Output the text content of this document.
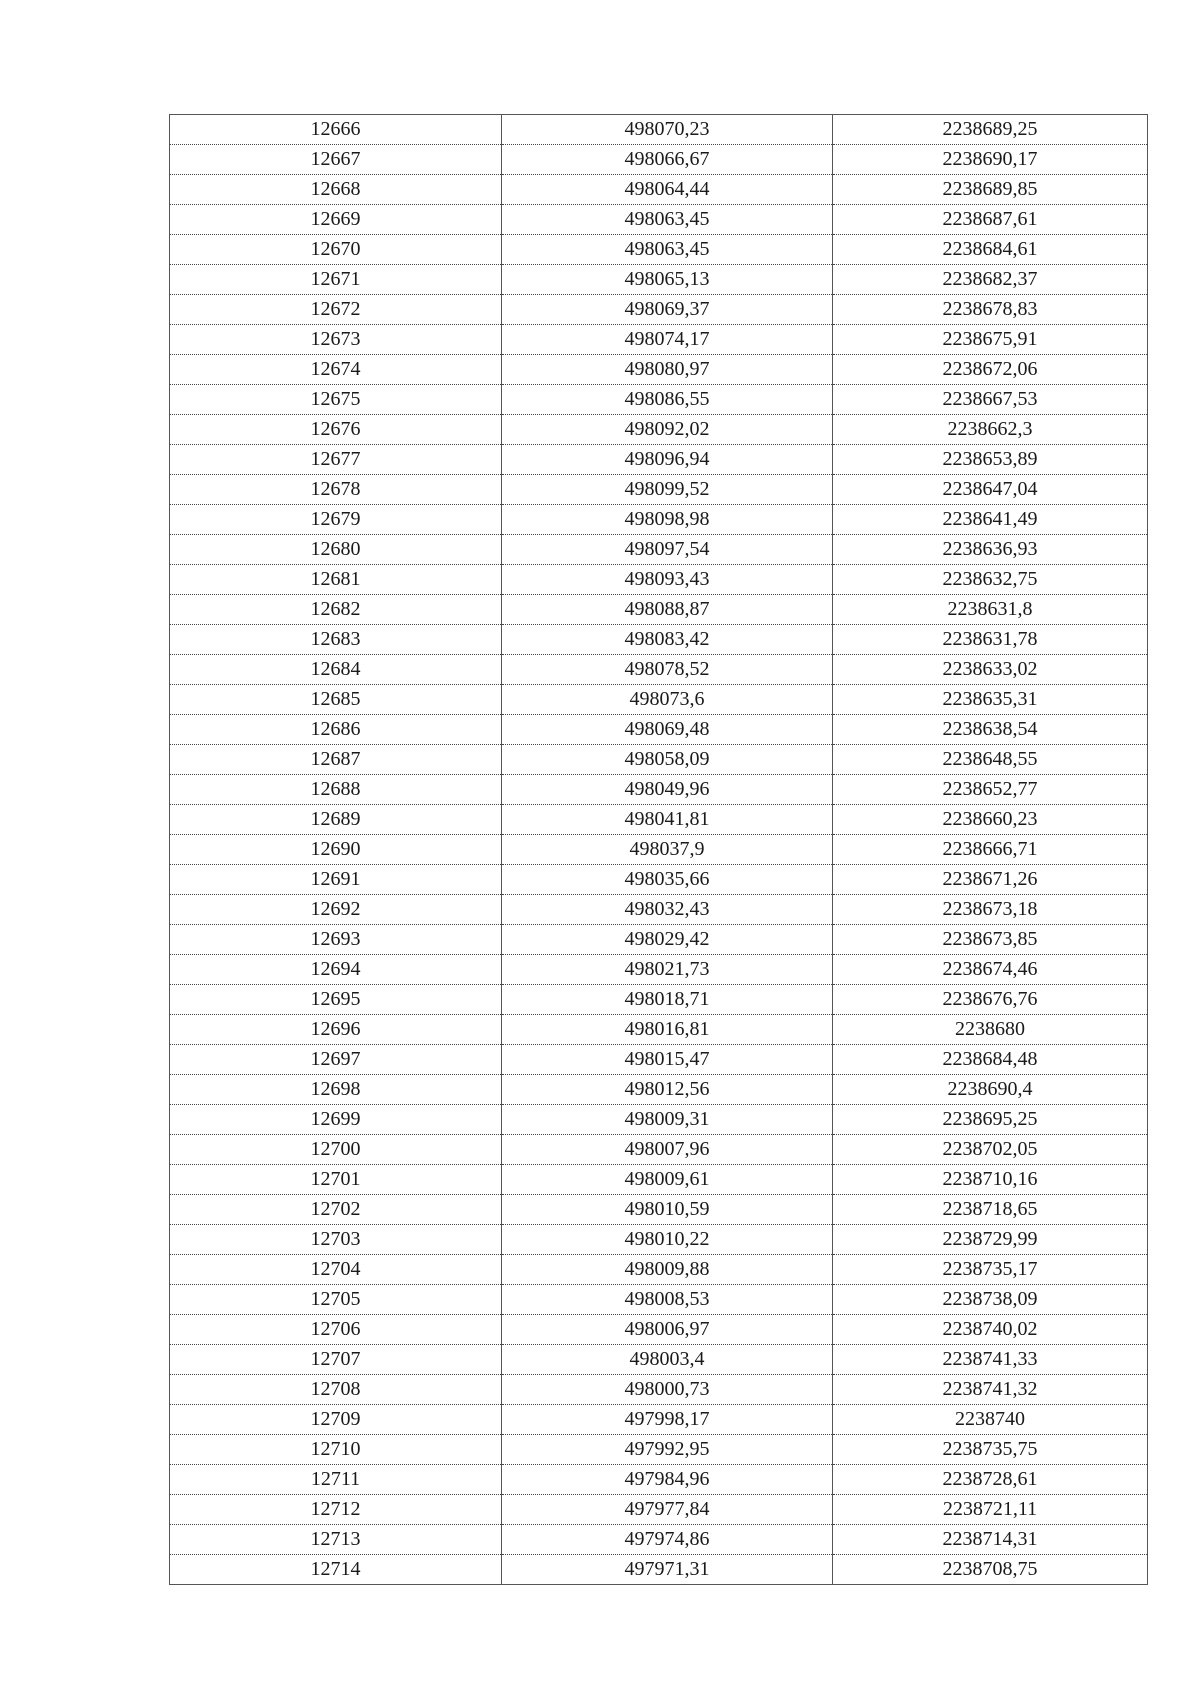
12666	498070,23	2238689,25
12667	498066,67	2238690,17
12668	498064,44	2238689,85
12669	498063,45	2238687,61
12670	498063,45	2238684,61
12671	498065,13	2238682,37
12672	498069,37	2238678,83
12673	498074,17	2238675,91
12674	498080,97	2238672,06
12675	498086,55	2238667,53
12676	498092,02	2238662,3
12677	498096,94	2238653,89
12678	498099,52	2238647,04
12679	498098,98	2238641,49
12680	498097,54	2238636,93
12681	498093,43	2238632,75
12682	498088,87	2238631,8
12683	498083,42	2238631,78
12684	498078,52	2238633,02
12685	498073,6	2238635,31
12686	498069,48	2238638,54
12687	498058,09	2238648,55
12688	498049,96	2238652,77
12689	498041,81	2238660,23
12690	498037,9	2238666,71
12691	498035,66	2238671,26
12692	498032,43	2238673,18
12693	498029,42	2238673,85
12694	498021,73	2238674,46
12695	498018,71	2238676,76
12696	498016,81	2238680
12697	498015,47	2238684,48
12698	498012,56	2238690,4
12699	498009,31	2238695,25
12700	498007,96	2238702,05
12701	498009,61	2238710,16
12702	498010,59	2238718,65
12703	498010,22	2238729,99
12704	498009,88	2238735,17
12705	498008,53	2238738,09
12706	498006,97	2238740,02
12707	498003,4	2238741,33
12708	498000,73	2238741,32
12709	497998,17	2238740
12710	497992,95	2238735,75
12711	497984,96	2238728,61
12712	497977,84	2238721,11
12713	497974,86	2238714,31
12714	497971,31	2238708,75
